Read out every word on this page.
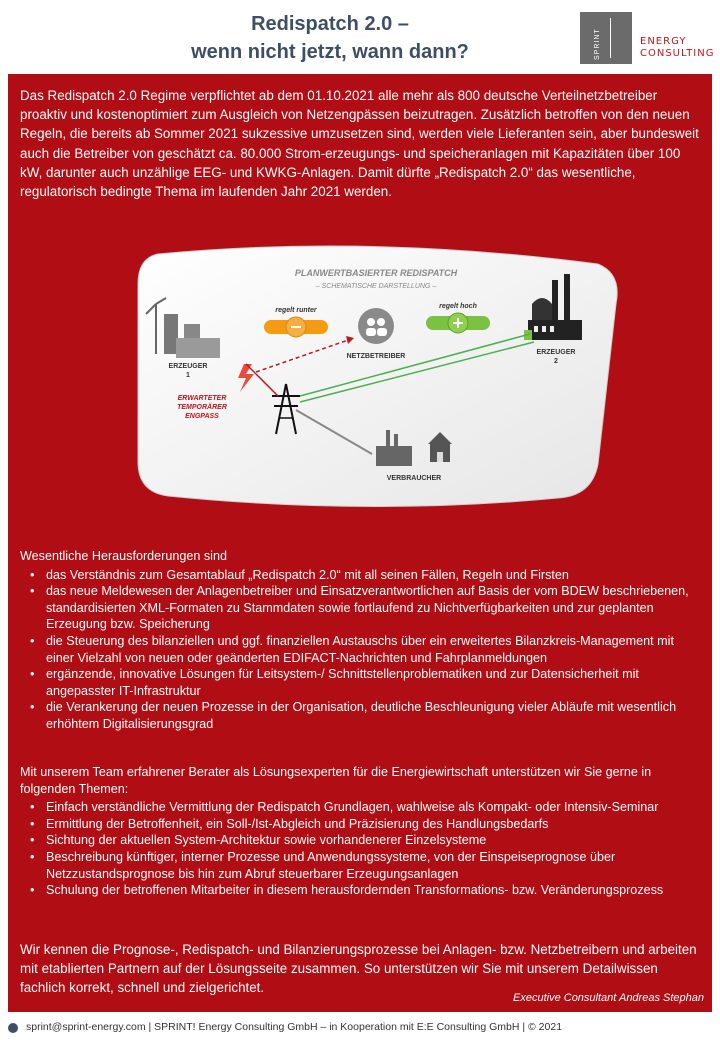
Redispatch 2.0 –
wenn nicht jetzt, wann dann?	SPRINT	ENERGY
CONSULTING

Das Redispatch 2.0 Regime verpflichtet ab dem 01.10.2021 alle mehr als 800 deutsche Verteilnetzbetreiber proaktiv und kostenoptimiert zum Ausgleich von Netzengpässen beizutragen. Zusätzlich betroffen von den neuen Regeln, die bereits ab Sommer 2021 sukzessive umzusetzen sind, werden viele Lieferanten sein, aber bundesweit auch die Betreiber von geschätzt ca. 80.000 Strom-erzeugungs- und speicheranlagen mit Kapazitäten über 100 kW, darunter auch unzählige EEG- und KWKG-Anlagen. Damit dürfte „Redispatch 2.0“ das wesentliche, regulatorisch bedingte Thema im laufenden Jahr 2021 werden.

PLANWERTBASIERTER REDISPATCH
– SCHEMATISCHE DARSTELLUNG –
ERZEUGER
1
regelt runter
NETZBETREIBER
regelt hoch
ERZEUGER
2
ERWARTETER
TEMPORÄRER
ENGPASS
VERBRAUCHER

Wesentliche Herausforderungen sind

• das Verständnis zum Gesamtablauf „Redispatch 2.0“ mit all seinen Fällen, Regeln und Firsten
• das neue Meldewesen der Anlagenbetreiber und Einsatzverantwortlichen auf Basis der vom BDEW beschriebenen, standardisierten XML-Formaten zu Stammdaten sowie fortlaufend zu Nichtverfügbarkeiten und zur geplanten Erzeugung bzw. Speicherung
• die Steuerung des bilanziellen und ggf. finanziellen Austauschs über ein erweitertes Bilanzkreis-Management mit einer Vielzahl von neuen oder geänderten EDIFACT-Nachrichten und Fahrplanmeldungen
• ergänzende, innovative Lösungen für Leitsystem-/ Schnittstellenproblematiken und zur Datensicherheit mit angepasster IT-Infrastruktur
• die Verankerung der neuen Prozesse in der Organisation, deutliche Beschleunigung vieler Abläufe mit wesentlich erhöhtem Digitalisierungsgrad

Mit unserem Team erfahrener Berater als Lösungsexperten für die Energiewirtschaft unterstützen wir Sie gerne in folgenden Themen:

• Einfach verständliche Vermittlung der Redispatch Grundlagen, wahlweise als Kompakt- oder Intensiv-Seminar
• Ermittlung der Betroffenheit, ein Soll-/Ist-Abgleich und Präzisierung des Handlungsbedarfs
• Sichtung der aktuellen System-Architektur sowie vorhandenerer Einzelsysteme
• Beschreibung künftiger, interner Prozesse und Anwendungssysteme, von der Einspeiseprognose über Netzzustandsprognose bis hin zum Abruf steuerbarer Erzeugungsanlagen
• Schulung der betroffenen Mitarbeiter in diesem herausfordernden Transformations- bzw. Veränderungsprozess

Wir kennen die Prognose-, Redispatch- und Bilanzierungsprozesse bei Anlagen- bzw. Netzbetreibern und arbeiten mit etablierten Partnern auf der Lösungsseite zusammen. So unterstützen wir Sie mit unserem Detailwissen fachlich korrekt, schnell und zielgerichtet.

Executive Consultant Andreas Stephan
sprint@sprint-energy.com | SPRINT! Energy Consulting GmbH – in Kooperation mit E:E Consulting GmbH | © 2021
